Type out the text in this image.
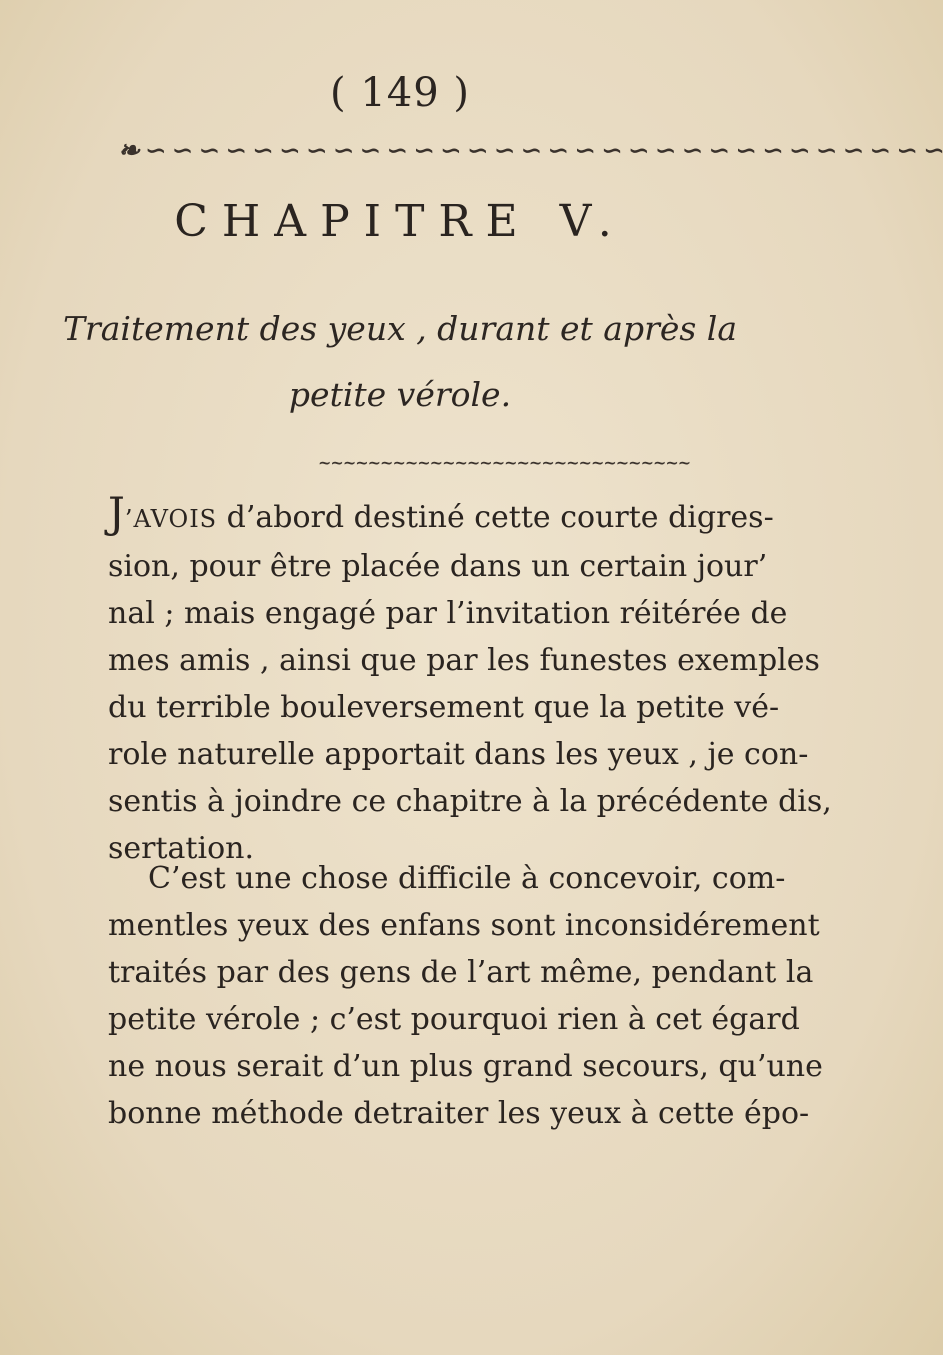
( 149 )
❧ ∽ ∽ ∽ ∽ ∽ ∽ ∽ ∽ ∽ ∽ ∽ ∽ ∽ ∽ ∽ ∽ ∽ ∽ ∽ ∽ ∽ ∽ ∽ ∽ ∽ ∽ ∽ ∽ ∽ ∽
CHAPITRE V.
Traitement des yeux , durant et après la
petite vérole.
~~~~~~~~~~~~~~~~~~~~~~~~~~~~~~
J’AVOIS d’abord destiné cette courte digres-
sion, pour être placée dans un certain jour’
nal ; mais engagé par l’invitation réitérée de
mes amis , ainsi que par les funestes exemples
du terrible bouleversement que la petite vé-
role naturelle apportait dans les yeux , je con-
sentis à joindre ce chapitre à la précédente dis,
sertation.
C’est une chose difficile à concevoir, com-
mentles yeux des enfans sont inconsidérement
traités par des gens de l’art même, pendant la
petite vérole ; c’est pourquoi rien à cet égard
ne nous serait d’un plus grand secours, qu’une
bonne méthode detraiter les yeux à cette épo-
